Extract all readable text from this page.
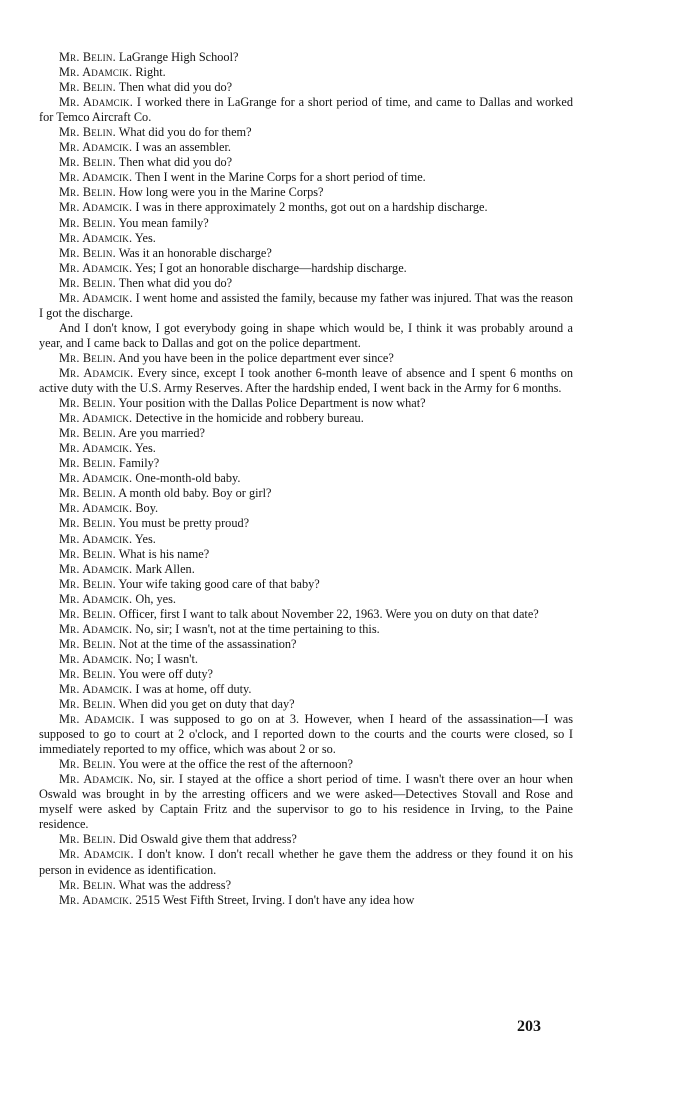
Mr. Belin. LaGrange High School?

Mr. Adamcik. Right.

Mr. Belin. Then what did you do?

Mr. Adamcik. I worked there in LaGrange for a short period of time, and came to Dallas and worked for Temco Aircraft Co.

Mr. Belin. What did you do for them?

Mr. Adamcik. I was an assembler.

Mr. Belin. Then what did you do?

Mr. Adamcik. Then I went in the Marine Corps for a short period of time.

Mr. Belin. How long were you in the Marine Corps?

Mr. Adamcik. I was in there approximately 2 months, got out on a hardship discharge.

Mr. Belin. You mean family?

Mr. Adamcik. Yes.

Mr. Belin. Was it an honorable discharge?

Mr. Adamcik. Yes; I got an honorable discharge—hardship discharge.

Mr. Belin. Then what did you do?

Mr. Adamcik. I went home and assisted the family, because my father was injured. That was the reason I got the discharge.

And I don't know, I got everybody going in shape which would be, I think it was probably around a year, and I came back to Dallas and got on the police department.

Mr. Belin. And you have been in the police department ever since?

Mr. Adamcik. Every since, except I took another 6-month leave of absence and I spent 6 months on active duty with the U.S. Army Reserves. After the hardship ended, I went back in the Army for 6 months.

Mr. Belin. Your position with the Dallas Police Department is now what?

Mr. Adamick. Detective in the homicide and robbery bureau.

Mr. Belin. Are you married?

Mr. Adamcik. Yes.

Mr. Belin. Family?

Mr. Adamcik. One-month-old baby.

Mr. Belin. A month old baby. Boy or girl?

Mr. Adamcik. Boy.

Mr. Belin. You must be pretty proud?

Mr. Adamcik. Yes.

Mr. Belin. What is his name?

Mr. Adamcik. Mark Allen.

Mr. Belin. Your wife taking good care of that baby?

Mr. Adamcik. Oh, yes.

Mr. Belin. Officer, first I want to talk about November 22, 1963. Were you on duty on that date?

Mr. Adamcik. No, sir; I wasn't, not at the time pertaining to this.

Mr. Belin. Not at the time of the assassination?

Mr. Adamcik. No; I wasn't.

Mr. Belin. You were off duty?

Mr. Adamcik. I was at home, off duty.

Mr. Belin. When did you get on duty that day?

Mr. Adamcik. I was supposed to go on at 3. However, when I heard of the assassination—I was supposed to go to court at 2 o'clock, and I reported down to the courts and the courts were closed, so I immediately reported to my office, which was about 2 or so.

Mr. Belin. You were at the office the rest of the afternoon?

Mr. Adamcik. No, sir. I stayed at the office a short period of time. I wasn't there over an hour when Oswald was brought in by the arresting officers and we were asked—Detectives Stovall and Rose and myself were asked by Captain Fritz and the supervisor to go to his residence in Irving, to the Paine residence.

Mr. Belin. Did Oswald give them that address?

Mr. Adamcik. I don't know. I don't recall whether he gave them the address or they found it on his person in evidence as identification.

Mr. Belin. What was the address?

Mr. Adamcik. 2515 West Fifth Street, Irving. I don't have any idea how

203
